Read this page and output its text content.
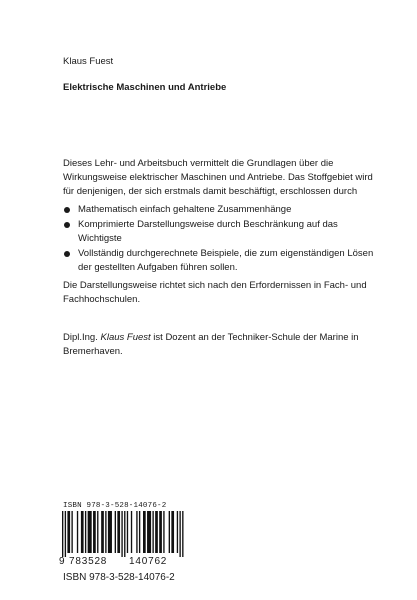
Klaus Fuest
Elektrische Maschinen und Antriebe

Dieses Lehr- und Arbeitsbuch vermittelt die Grundlagen über die Wirkungsweise elektrischer Maschinen und Antriebe. Das Stoffgebiet wird für denjenigen, der sich erstmals damit beschäftigt, erschlossen durch

Mathematisch einfach gehaltene Zusammenhänge
Komprimierte Darstellungsweise durch Beschränkung auf das Wichtigste
Vollständig durchgerechnete Beispiele, die zum eigenständigen Lösen der gestellten Aufgaben führen sollen.

Die Darstellungsweise richtet sich nach den Erfordernissen in Fach- und Fachhochschulen.

Dipl.Ing. Klaus Fuest ist Dozent an der Techniker-Schule der Marine in Bremerhaven.
ISBN 978-3-528-14076-2
9 783528	140762
ISBN 978-3-528-14076-2
